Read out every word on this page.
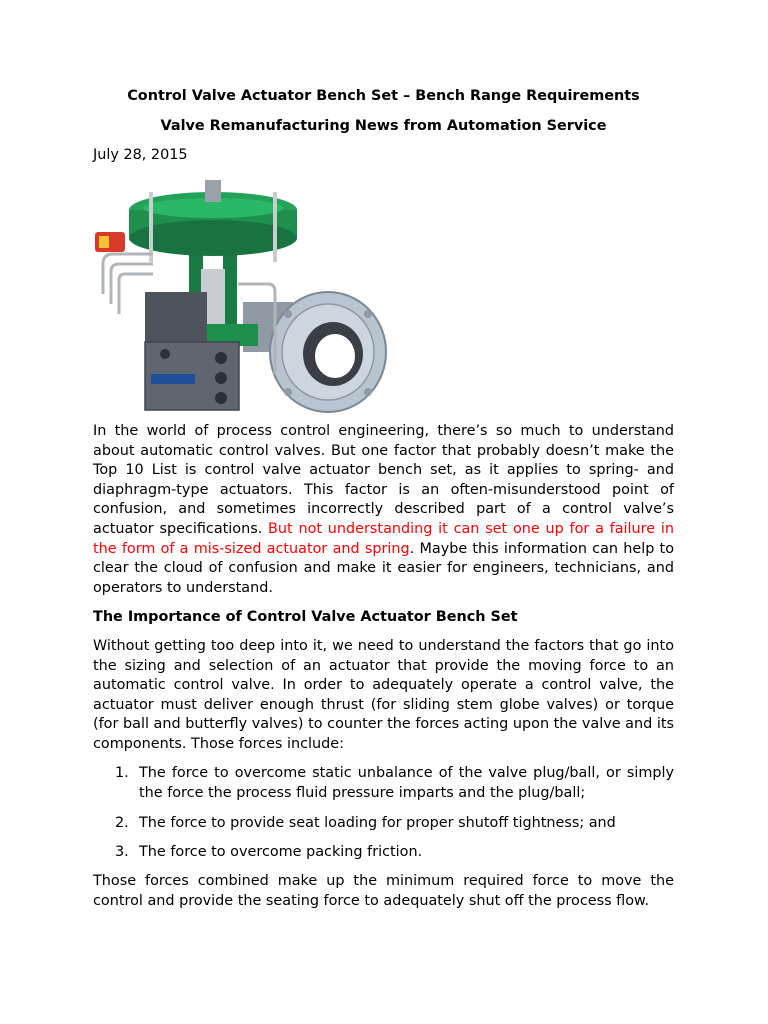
Control Valve Actuator Bench Set – Bench Range Requirements
Valve Remanufacturing News from Automation Service
July 28, 2015
In the world of process control engineering, there’s so much to understand about automatic control valves. But one factor that probably doesn’t make the Top 10 List is control valve actuator bench set, as it applies to spring- and diaphragm-type actuators. This factor is an often-misunderstood point of confusion, and sometimes incorrectly described part of a control valve’s actuator specifications. But not understanding it can set one up for a failure in the form of a mis-sized actuator and spring. Maybe this information can help to clear the cloud of confusion and make it easier for engineers, technicians, and operators to understand.
The Importance of Control Valve Actuator Bench Set
Without getting too deep into it, we need to understand the factors that go into the sizing and selection of an actuator that provide the moving force to an automatic control valve. In order to adequately operate a control valve, the actuator must deliver enough thrust (for sliding stem globe valves) or torque (for ball and butterfly valves) to counter the forces acting upon the valve and its components. Those forces include:
1. The force to overcome static unbalance of the valve plug/ball, or simply the force the process fluid pressure imparts and the plug/ball;
2. The force to provide seat loading for proper shutoff tightness; and
3. The force to overcome packing friction.
Those forces combined make up the minimum required force to move the control and provide the seating force to adequately shut off the process flow.
